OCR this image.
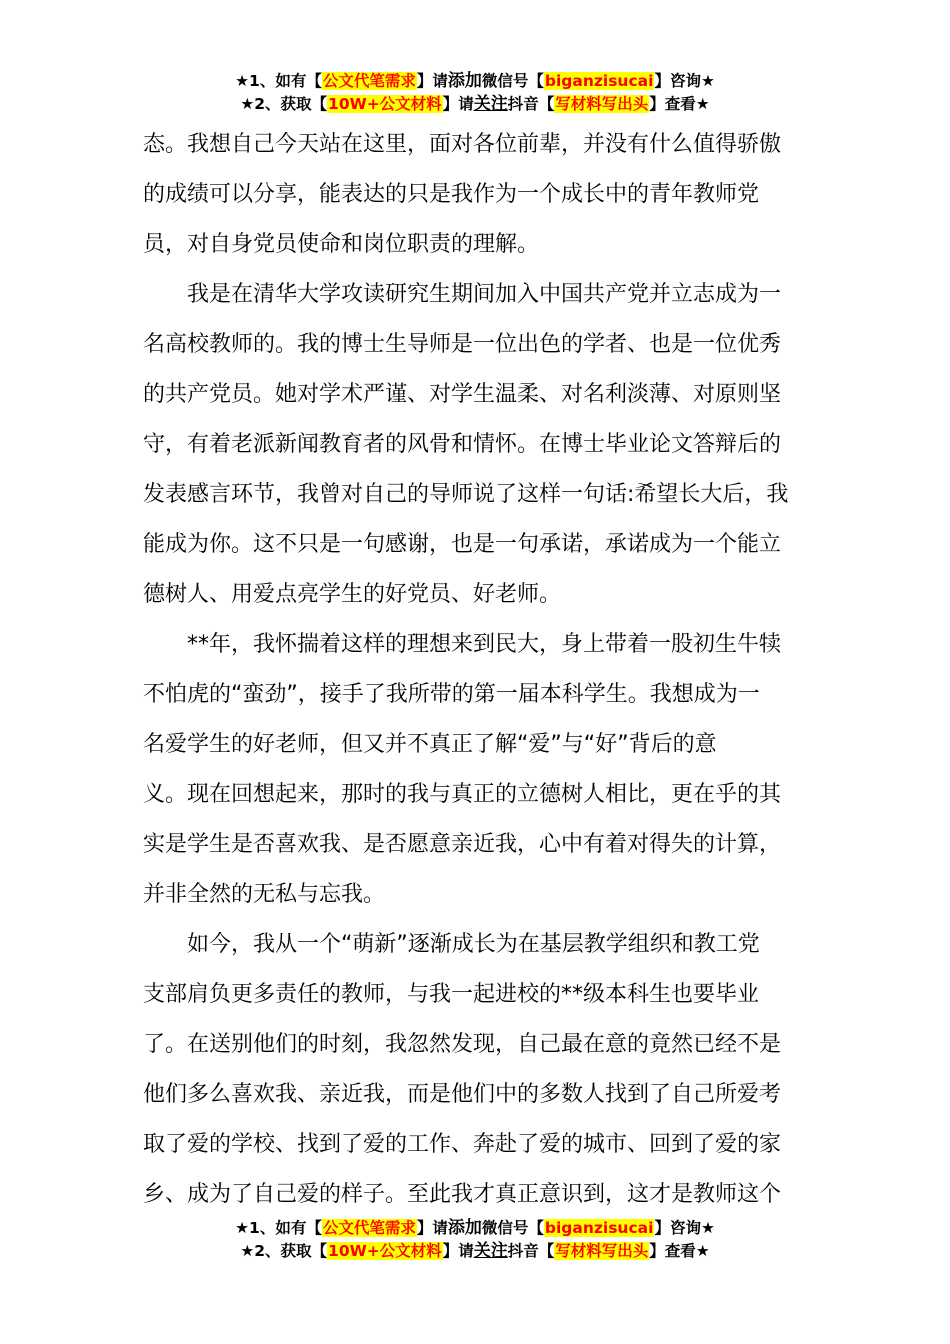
★1、如有【公文代笔需求】请添加微信号【biganzisucai】咨询★
★2、获取【10W+公文材料】请关注抖音【写材料写出头】查看★
态。我想自己今天站在这里，面对各位前辈，并没有什么值得骄傲
的成绩可以分享，能表达的只是我作为一个成长中的青年教师党
员，对自身党员使命和岗位职责的理解。
我是在清华大学攻读研究生期间加入中国共产党并立志成为一
名高校教师的。我的博士生导师是一位出色的学者、也是一位优秀
的共产党员。她对学术严谨、对学生温柔、对名利淡薄、对原则坚
守，有着老派新闻教育者的风骨和情怀。在博士毕业论文答辩后的
发表感言环节，我曾对自己的导师说了这样一句话:希望长大后，我
能成为你。这不只是一句感谢，也是一句承诺，承诺成为一个能立
德树人、用爱点亮学生的好党员、好老师。
**年，我怀揣着这样的理想来到民大，身上带着一股初生牛犊
不怕虎的“蛮劲”，接手了我所带的第一届本科学生。我想成为一
名爱学生的好老师，但又并不真正了解“爱”与“好”背后的意
义。现在回想起来，那时的我与真正的立德树人相比，更在乎的其
实是学生是否喜欢我、是否愿意亲近我，心中有着对得失的计算，
并非全然的无私与忘我。
如今，我从一个“萌新”逐渐成长为在基层教学组织和教工党
支部肩负更多责任的教师，与我一起进校的**级本科生也要毕业
了。在送别他们的时刻，我忽然发现，自己最在意的竟然已经不是
他们多么喜欢我、亲近我，而是他们中的多数人找到了自己所爱考
取了爱的学校、找到了爱的工作、奔赴了爱的城市、回到了爱的家
乡、成为了自己爱的样子。至此我才真正意识到，这才是教师这个
★1、如有【公文代笔需求】请添加微信号【biganzisucai】咨询★
★2、获取【10W+公文材料】请关注抖音【写材料写出头】查看★
